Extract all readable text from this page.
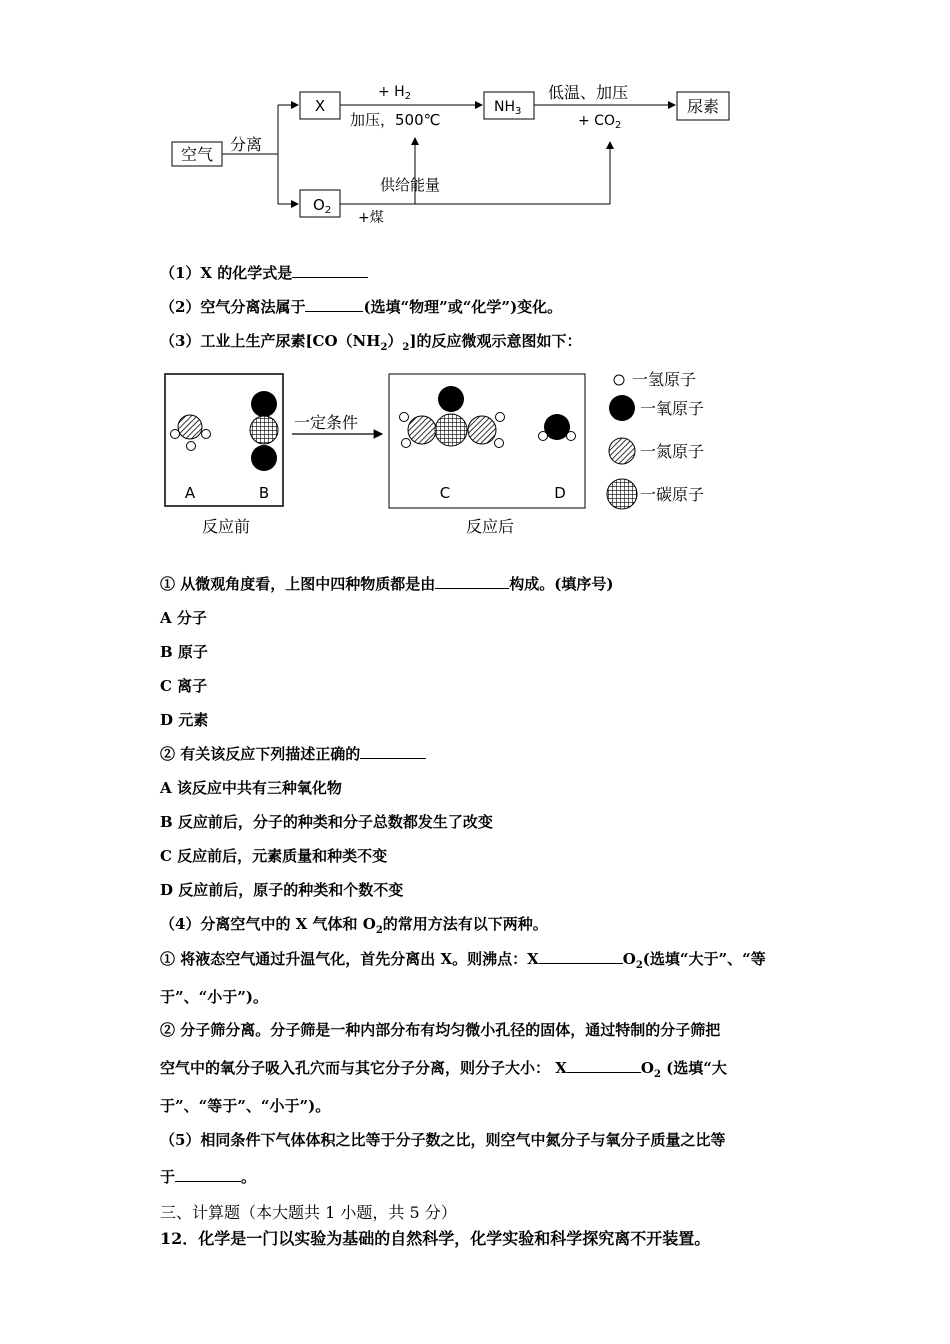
空气
分离
X
$O_2$
+ $H_2$
加压，500℃
$NH_3$
低温、加压
+ $CO_2$
尿素
供给能量
+煤
（1）X 的化学式是
（2）空气分离法属于	(选填“物理”或“化学”)变化。
（3）工业上生产尿素$[CO(NH_2)_2]$的反应微观示意图如下：
A	B
反应前
一定条件
C	D
反应后
一氢原子
一氧原子
一氮原子
一碳原子
① 从微观角度看，上图中四种物质都是由	构成。(填序号)
A 分子
B 原子
C 离子
D 元素
② 有关该反应下列描述正确的
A 该反应中共有三种氧化物
B 反应前后，分子的种类和分子总数都发生了改变
C 反应前后，元素质量和种类不变
D 反应前后，原子的种类和个数不变
（4）分离空气中的 X 气体和 $O_2$的常用方法有以下两种。
① 将液态空气通过升温气化，首先分离出 X。则沸点：X	$O_2$(选填“大于”、“等
于”、“小于”)。
② 分子筛分离。分子筛是一种内部分布有均匀微小孔径的固体，通过特制的分子筛把
空气中的氧分子吸入孔穴而与其它分子分离，则分子大小： X	$O_2$ (选填“大
于”、“等于”、“小于”)。
（5）相同条件下气体体积之比等于分子数之比，则空气中氮分子与氧分子质量之比等
于	。
三、计算题（本大题共 1 小题，共 5 分）
12．化学是一门以实验为基础的自然科学，化学实验和科学探究离不开装置。
